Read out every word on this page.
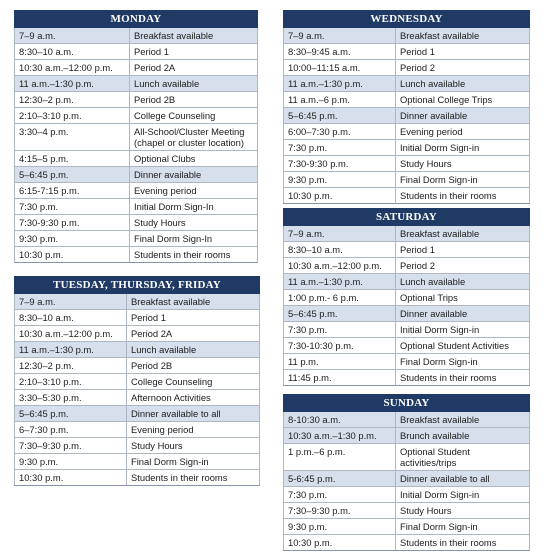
MONDAY	
7–9 a.m.	Breakfast available
8:30–10 a.m.	Period 1
10:30 a.m.–12:00 p.m.	Period 2A
11 a.m.–1:30 p.m.	Lunch available
12:30–2 p.m.	Period 2B
2:10–3:10 p.m.	College Counseling
3:30–4 p.m.	All-School/Cluster Meeting (chapel or cluster location)
4:15–5 p.m.	Optional Clubs
5–6:45 p.m.	Dinner available
6:15-7:15 p.m.	Evening period
7:30 p.m.	Initial Dorm Sign-In
7:30-9:30 p.m.	Study Hours
9:30 p.m.	Final Dorm Sign-In
10:30 p.m.	Students in their rooms
TUESDAY, THURSDAY, FRIDAY	
7–9 a.m.	Breakfast available
8:30–10 a.m.	Period 1
10:30 a.m.–12:00 p.m.	Period 2A
11 a.m.–1:30 p.m.	Lunch available
12:30–2 p.m.	Period 2B
2:10–3:10 p.m.	College Counseling
3:30–5:30 p.m.	Afternoon Activities
5–6:45 p.m.	Dinner available to all
6–7:30 p.m.	Evening period
7:30–9:30 p.m.	Study Hours
9:30 p.m.	Final Dorm Sign-in
10:30 p.m.	Students in their rooms
WEDNESDAY	
7–9 a.m.	Breakfast available
8:30–9:45 a.m.	Period 1
10:00–11:15 a.m.	Period 2
11 a.m.–1:30 p.m.	Lunch available
11 a.m.–6 p.m.	Optional College Trips
5–6:45 p.m.	Dinner available
6:00–7:30 p.m.	Evening period
7:30 p.m.	Initial Dorm Sign-in
7:30-9:30 p.m.	Study Hours
9:30 p.m.	Final Dorm Sign-in
10:30 p.m.	Students in their rooms
SATURDAY	
7–9 a.m.	Breakfast available
8:30–10 a.m.	Period 1
10:30 a.m.–12:00 p.m.	Period 2
11 a.m.–1:30 p.m.	Lunch available
1:00 p.m.- 6 p.m.	Optional Trips
5–6:45 p.m.	Dinner available
7:30 p.m.	Initial Dorm Sign-in
7:30-10:30 p.m.	Optional Student Activities
11 p.m.	Final Dorm Sign-in
11:45 p.m.	Students in their rooms
SUNDAY	
8-10:30 a.m.	Breakfast available
10:30 a.m.–1:30 p.m.	Brunch available
1 p.m.–6 p.m.	Optional Student activities/trips
5-6:45 p.m.	Dinner available to all
7:30 p.m.	Initial Dorm Sign-in
7:30–9:30 p.m.	Study Hours
9:30 p.m.	Final Dorm Sign-in
10:30 p.m.	Students in their rooms
